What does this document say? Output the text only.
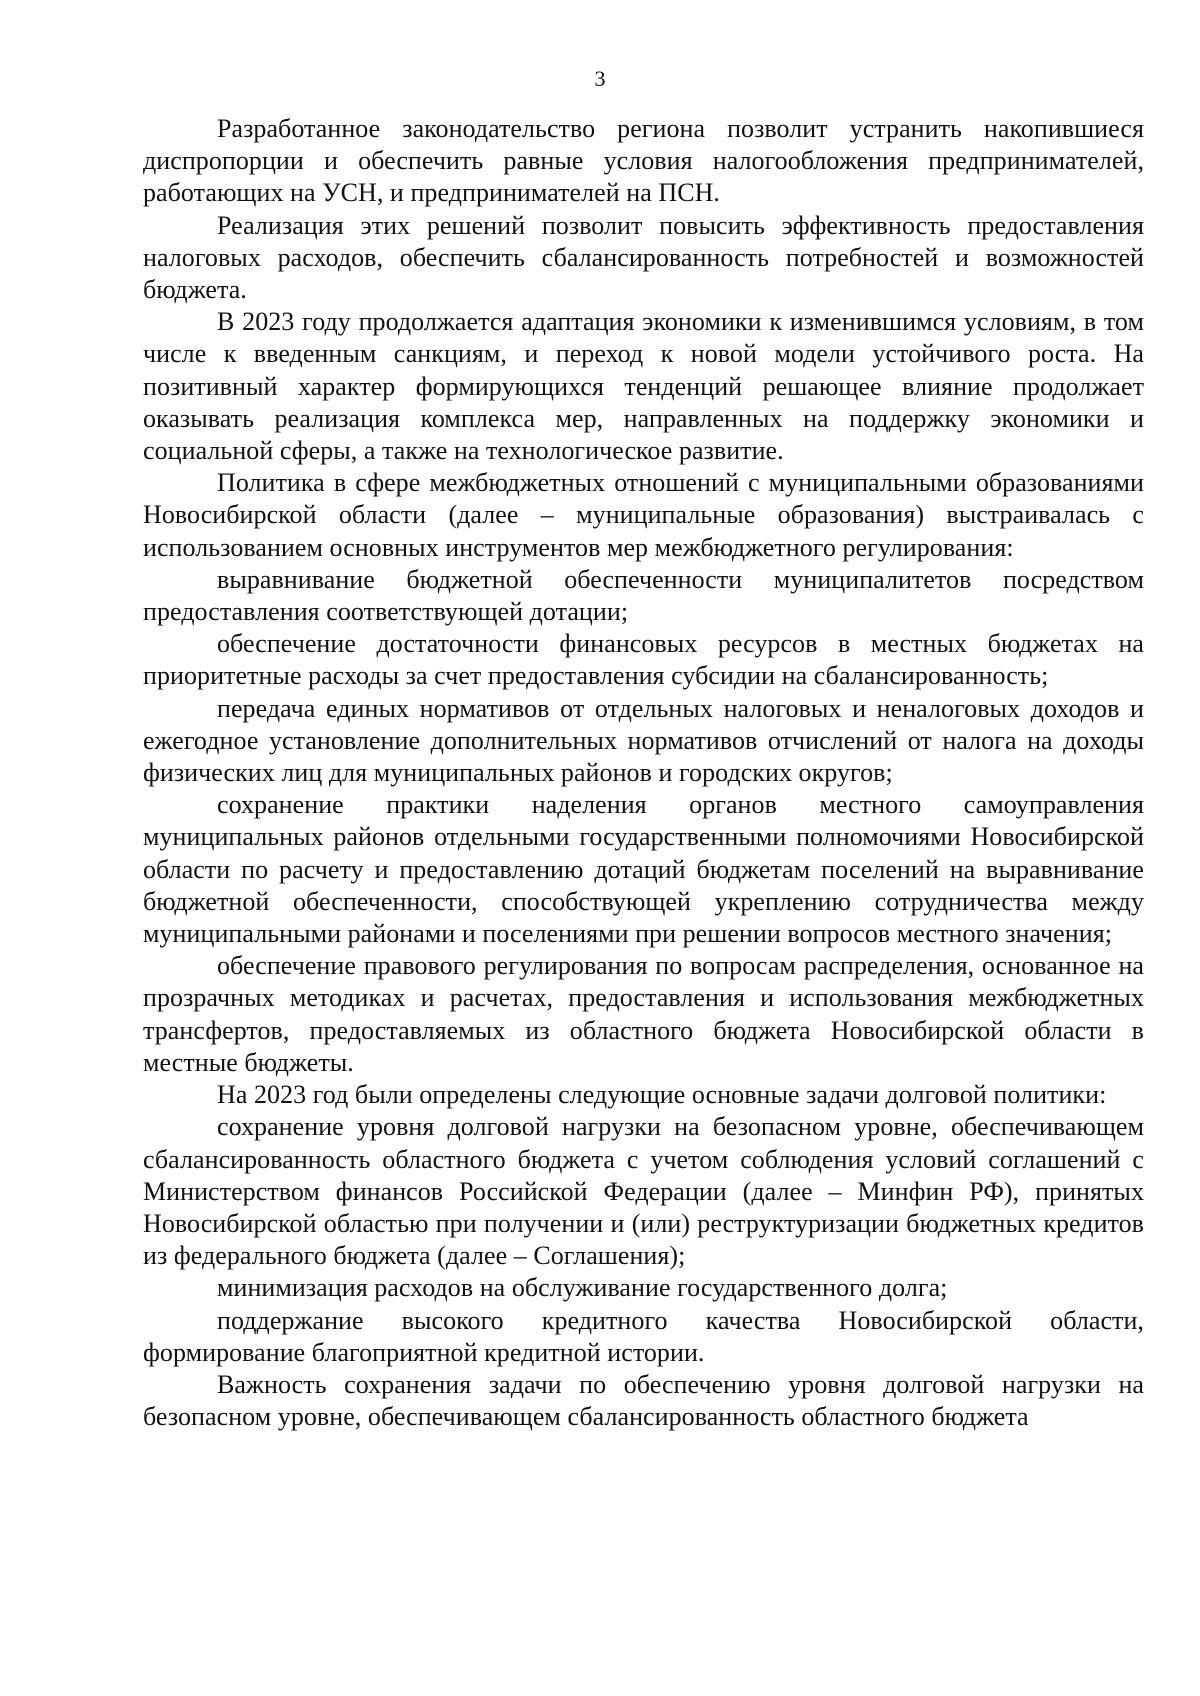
3

Разработанное законодательство региона позволит устранить накопившиеся диспропорции и обеспечить равные условия налогообложения предпринимателей, работающих на УСН, и предпринимателей на ПСН.

Реализация этих решений позволит повысить эффективность предоставления налоговых расходов, обеспечить сбалансированность потребностей и возможностей бюджета.

В 2023 году продолжается адаптация экономики к изменившимся условиям, в том числе к введенным санкциям, и переход к новой модели устойчивого роста. На позитивный характер формирующихся тенденций решающее влияние продолжает оказывать реализация комплекса мер, направленных на поддержку экономики и социальной сферы, а также на технологическое развитие.

Политика в сфере межбюджетных отношений с муниципальными образованиями Новосибирской области (далее – муниципальные образования) выстраивалась с использованием основных инструментов мер межбюджетного регулирования:

выравнивание бюджетной обеспеченности муниципалитетов посредством предоставления соответствующей дотации;

обеспечение достаточности финансовых ресурсов в местных бюджетах на приоритетные расходы за счет предоставления субсидии на сбалансированность;

передача единых нормативов от отдельных налоговых и неналоговых доходов и ежегодное установление дополнительных нормативов отчислений от налога на доходы физических лиц для муниципальных районов и городских округов;

сохранение практики наделения органов местного самоуправления муниципальных районов отдельными государственными полномочиями Новосибирской области по расчету и предоставлению дотаций бюджетам поселений на выравнивание бюджетной обеспеченности, способствующей укреплению сотрудничества между муниципальными районами и поселениями при решении вопросов местного значения;

обеспечение правового регулирования по вопросам распределения, основанное на прозрачных методиках и расчетах, предоставления и использования межбюджетных трансфертов, предоставляемых из областного бюджета Новосибирской области в местные бюджеты.

На 2023 год были определены следующие основные задачи долговой политики:

сохранение уровня долговой нагрузки на безопасном уровне, обеспечивающем сбалансированность областного бюджета с учетом соблюдения условий соглашений с Министерством финансов Российской Федерации (далее – Минфин РФ), принятых Новосибирской областью при получении и (или) реструктуризации бюджетных кредитов из федерального бюджета (далее – Соглашения);

минимизация расходов на обслуживание государственного долга;

поддержание высокого кредитного качества Новосибирской области, формирование благоприятной кредитной истории.

Важность сохранения задачи по обеспечению уровня долговой нагрузки на безопасном уровне, обеспечивающем сбалансированность областного бюджета
